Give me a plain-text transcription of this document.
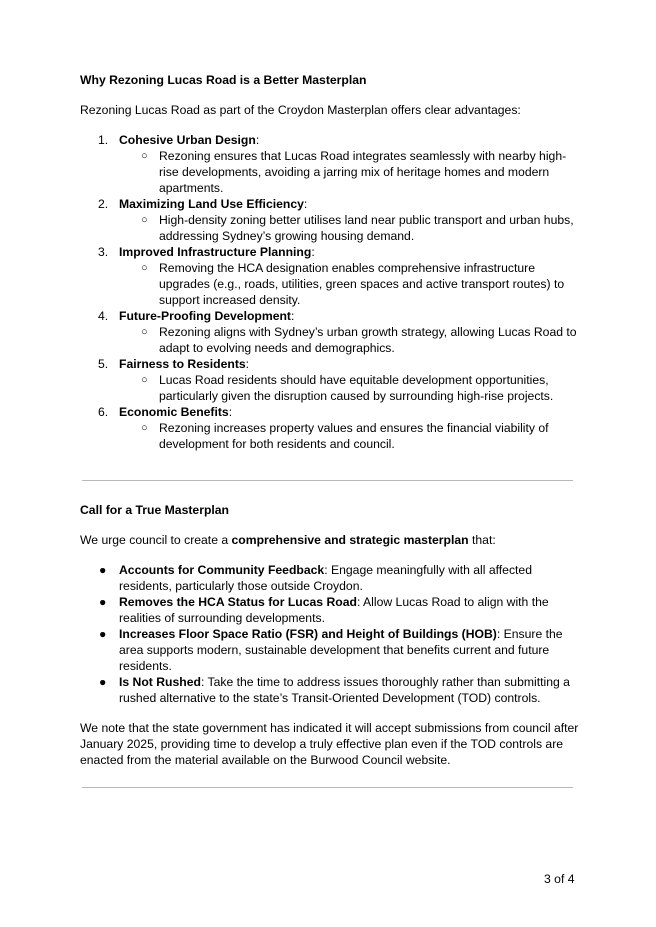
Why Rezoning Lucas Road is a Better Masterplan

Rezoning Lucas Road as part of the Croydon Masterplan offers clear advantages:

1. Cohesive Urban Design:
○ Rezoning ensures that Lucas Road integrates seamlessly with nearby high-rise developments, avoiding a jarring mix of heritage homes and modern apartments.
2. Maximizing Land Use Efficiency:
○ High-density zoning better utilises land near public transport and urban hubs, addressing Sydney’s growing housing demand.
3. Improved Infrastructure Planning:
○ Removing the HCA designation enables comprehensive infrastructure upgrades (e.g., roads, utilities, green spaces and active transport routes) to support increased density.
4. Future-Proofing Development:
○ Rezoning aligns with Sydney’s urban growth strategy, allowing Lucas Road to adapt to evolving needs and demographics.
5. Fairness to Residents:
○ Lucas Road residents should have equitable development opportunities, particularly given the disruption caused by surrounding high-rise projects.
6. Economic Benefits:
○ Rezoning increases property values and ensures the financial viability of development for both residents and council.
Call for a True Masterplan

We urge council to create a comprehensive and strategic masterplan that:

● Accounts for Community Feedback: Engage meaningfully with all affected residents, particularly those outside Croydon.
● Removes the HCA Status for Lucas Road: Allow Lucas Road to align with the realities of surrounding developments.
● Increases Floor Space Ratio (FSR) and Height of Buildings (HOB): Ensure the area supports modern, sustainable development that benefits current and future residents.
● Is Not Rushed: Take the time to address issues thoroughly rather than submitting a rushed alternative to the state’s Transit-Oriented Development (TOD) controls.

We note that the state government has indicated it will accept submissions from council after January 2025, providing time to develop a truly effective plan even if the TOD controls are enacted from the material available on the Burwood Council website.

3 of 4
